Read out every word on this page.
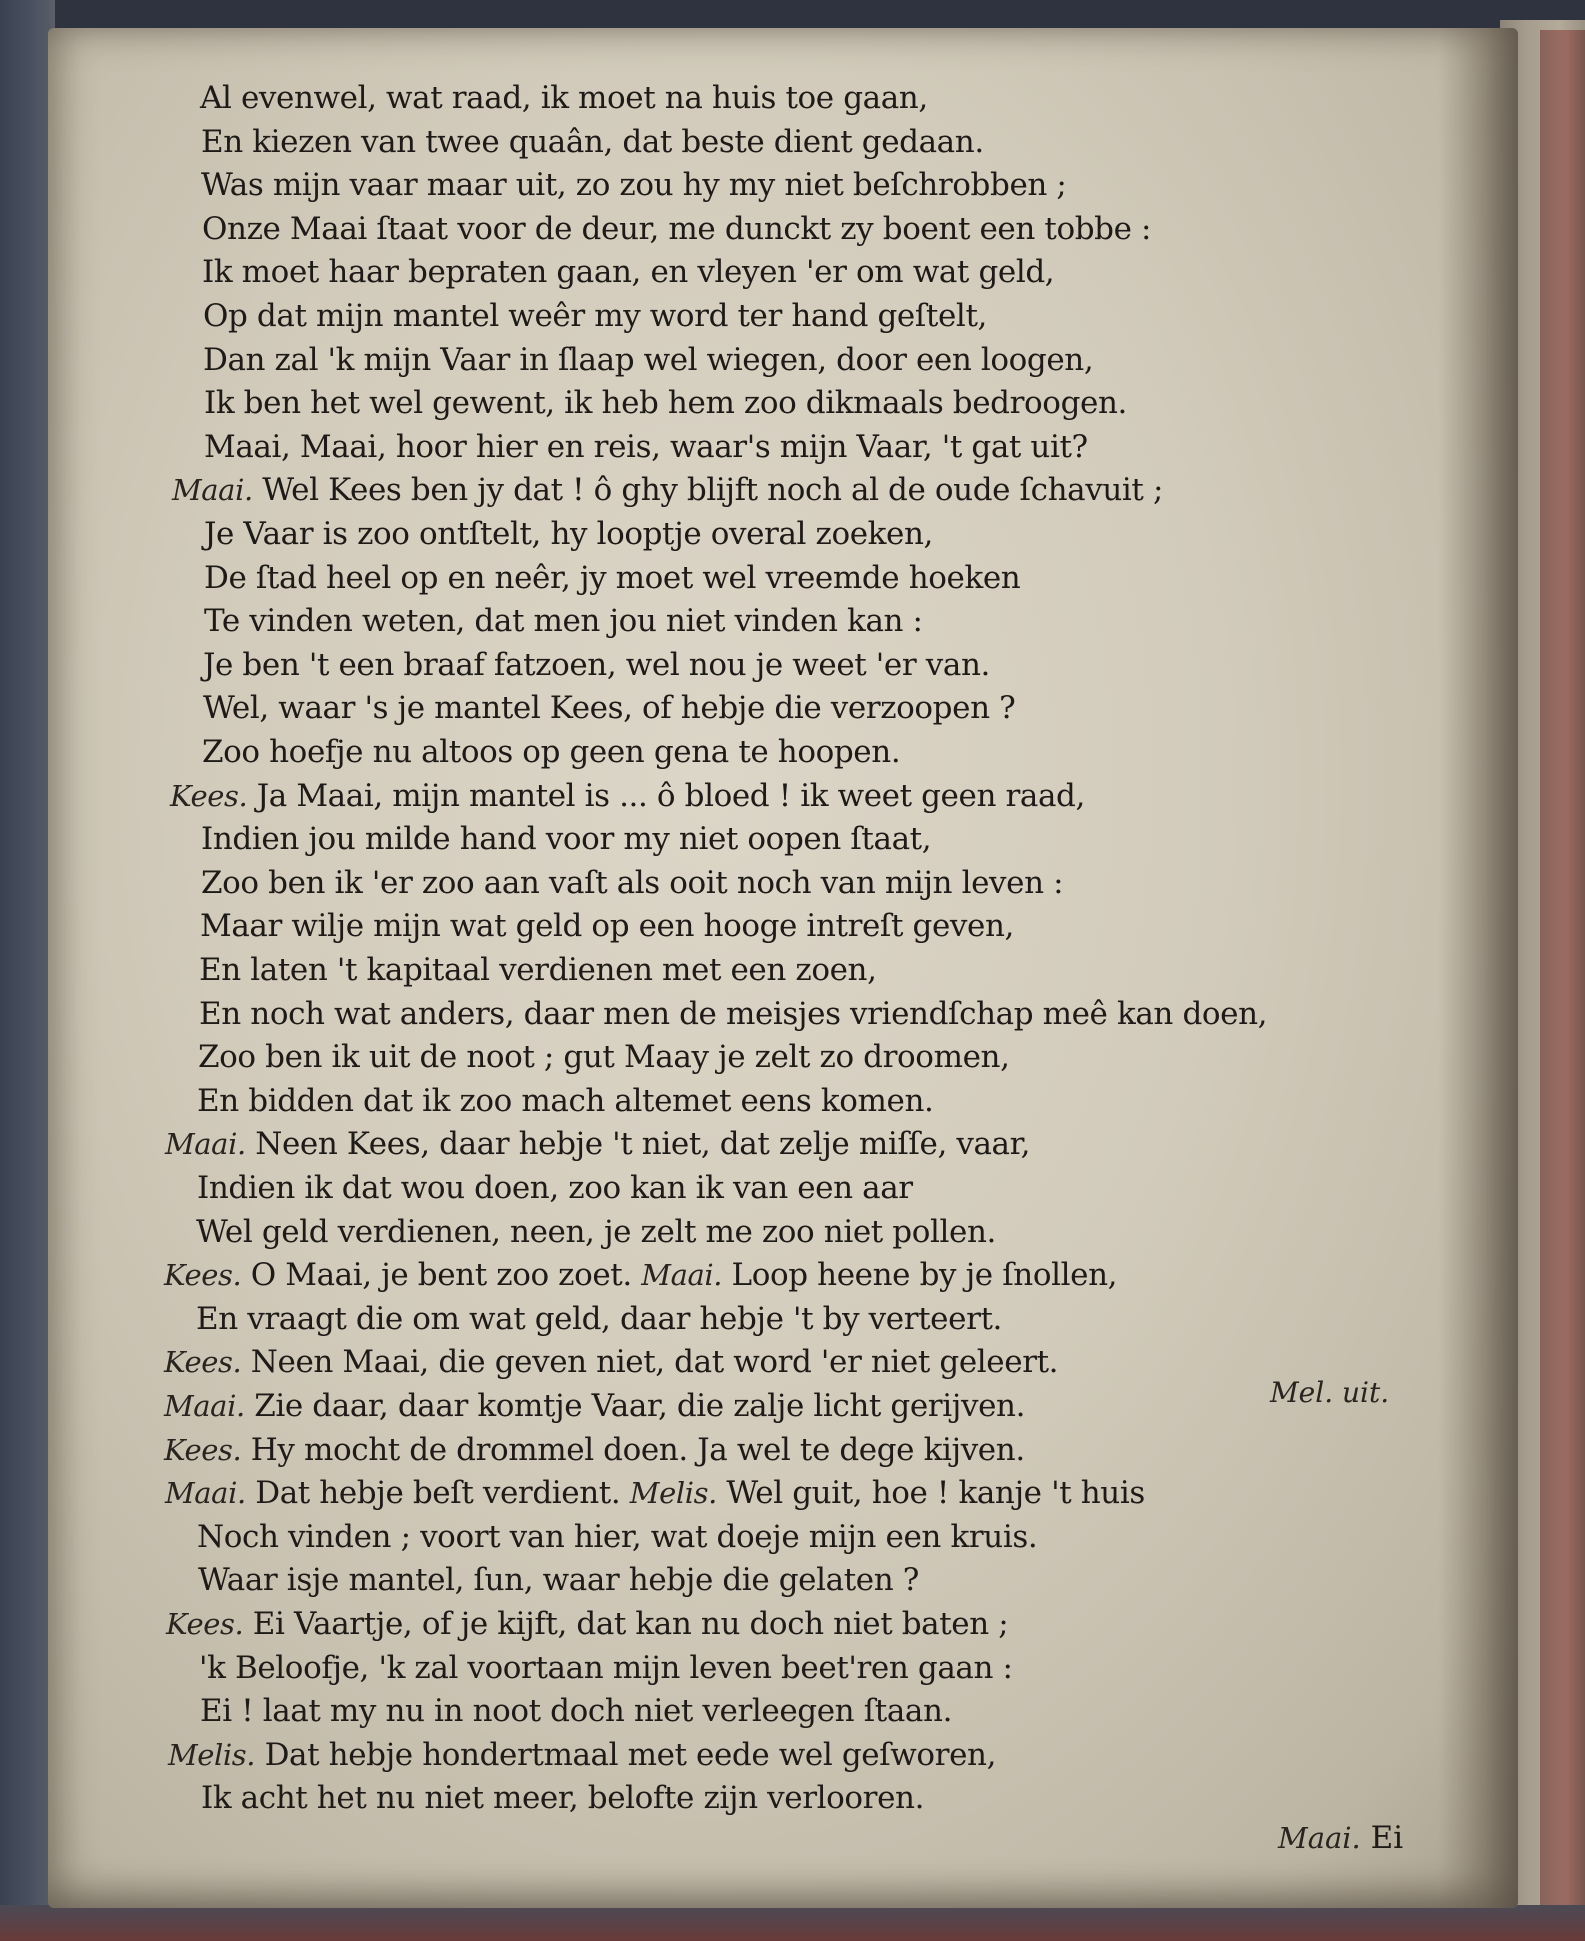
Al evenwel, wat raad, ik moet na huis toe gaan,
En kiezen van twee quaân, dat beste dient gedaan.
Was mijn vaar maar uit, zo zou hy my niet beſchrobben ;
Onze Maai ſtaat voor de deur, me dunckt zy boent een tobbe :
Ik moet haar bepraten gaan, en vleyen 'er om wat geld,
Op dat mijn mantel weêr my word ter hand geſtelt,
Dan zal 'k mijn Vaar in ſlaap wel wiegen, door een loogen,
Ik ben het wel gewent, ik heb hem zoo dikmaals bedroogen.
Maai, Maai, hoor hier en reis, waar's mijn Vaar, 't gat uit?
Maai. Wel Kees ben jy dat ! ô ghy blijft noch al de oude ſchavuit ;
Je Vaar is zoo ontſtelt, hy looptje overal zoeken,
De ſtad heel op en neêr, jy moet wel vreemde hoeken
Te vinden weten, dat men jou niet vinden kan :
Je ben 't een braaf fatzoen, wel nou je weet 'er van.
Wel, waar 's je mantel Kees, of hebje die verzoopen ?
Zoo hoefje nu altoos op geen gena te hoopen.
Kees. Ja Maai, mijn mantel is ... ô bloed ! ik weet geen raad,
Indien jou milde hand voor my niet oopen ſtaat,
Zoo ben ik 'er zoo aan vaſt als ooit noch van mijn leven :
Maar wilje mijn wat geld op een hooge intreſt geven,
En laten 't kapitaal verdienen met een zoen,
En noch wat anders, daar men de meisjes vriendſchap meê kan doen,
Zoo ben ik uit de noot ; gut Maay je zelt zo droomen,
En bidden dat ik zoo mach altemet eens komen.
Maai. Neen Kees, daar hebje 't niet, dat zelje miſſe, vaar,
Indien ik dat wou doen, zoo kan ik van een aar
Wel geld verdienen, neen, je zelt me zoo niet pollen.
Kees. O Maai, je bent zoo zoet. Maai. Loop heene by je ſnollen,
En vraagt die om wat geld, daar hebje 't by verteert.
Kees. Neen Maai, die geven niet, dat word 'er niet geleert.
Maai. Zie daar, daar komtje Vaar, die zalje licht gerijven.
Kees. Hy mocht de drommel doen. Ja wel te dege kijven.
Maai. Dat hebje beſt verdient. Melis. Wel guit, hoe ! kanje 't huis
Noch vinden ; voort van hier, wat doeje mijn een kruis.
Waar isje mantel, ſun, waar hebje die gelaten ?
Kees. Ei Vaartje, of je kijft, dat kan nu doch niet baten ;
'k Beloofje, 'k zal voortaan mijn leven beet'ren gaan :
Ei ! laat my nu in noot doch niet verleegen ſtaan.
Melis. Dat hebje hondertmaal met eede wel geſworen,
Ik acht het nu niet meer, belofte zijn verlooren.
Mel. uit.
Maai. Ei
